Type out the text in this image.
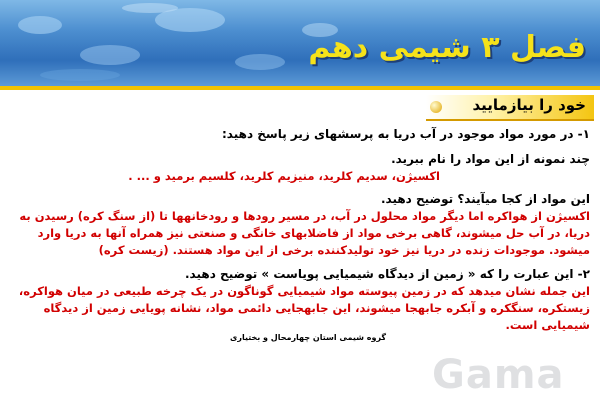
فصل ۳ شیمی دهم
خود را بیازمایید
۱- در مورد مواد موجود در آب دریا به پرسشهای زیر پاسخ دهید:
چند نمونه از این مواد را نام ببرید.
اکسیژن، سدیم کلرید، منیزیم کلرید، کلسیم برمید و ... .
این مواد از کجا میآیند؟ توضیح دهید.
اکسیژن از هواکره اما دیگر مواد محلول در آب، در مسیر رودها و رودخانهها تا (از سنگ کره) رسیدن به دریا، در آب حل میشوند، گاهی برخی مواد از فاضلابهای خانگی و صنعتی نیز همراه آنها به دریا وارد میشود. موجودات زنده در دریا نیز خود تولیدکننده برخی از این مواد هستند. (زیست کره)
۲- این عبارت را که « زمین از دیدگاه شیمیایی پویاست » توضیح دهید.
این جمله نشان میدهد که در زمین پیوسته مواد شیمیایی گوناگون در یک چرخه طبیعی در میان هواکره، زیستکره، سنگکره و آبکره جابهجا میشوند، این جابهجایی دائمی مواد، نشانه پویایی زمین از دیدگاه شیمیایی است.
گروه شیمی استان چهارمحال و بختیاری
Gama
